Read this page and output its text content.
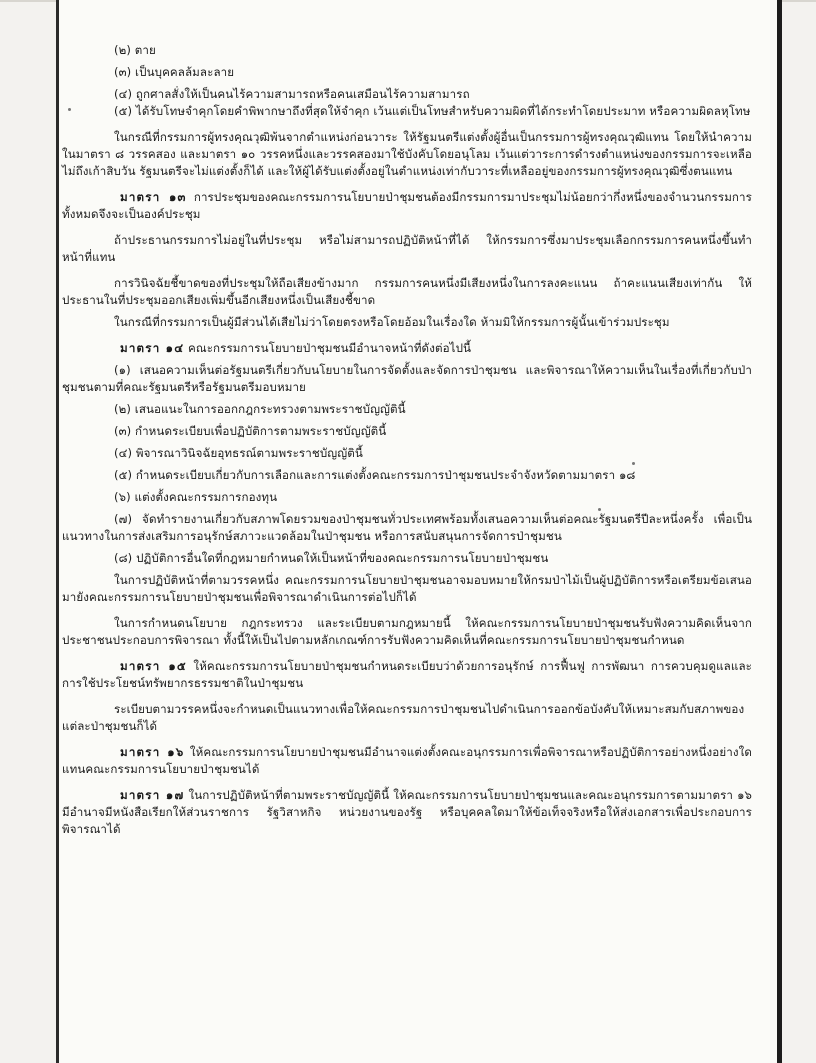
(๒) ตาย

(๓) เป็นบุคคลล้มละลาย

(๔) ถูกศาลสั่งให้เป็นคนไร้ความสามารถหรือคนเสมือนไร้ความสามารถ

(๕) ได้รับโทษจำคุกโดยคำพิพากษาถึงที่สุดให้จำคุก เว้นแต่เป็นโทษสำหรับความผิดที่ได้กระทำโดยประมาท หรือความผิดลหุโทษ

ในกรณีที่กรรมการผู้ทรงคุณวุฒิพ้นจากตำแหน่งก่อนวาระ ให้รัฐมนตรีแต่งตั้งผู้อื่นเป็นกรรมการผู้ทรงคุณวุฒิแทน โดยให้นำความในมาตรา ๘ วรรคสอง และมาตรา ๑๐ วรรคหนึ่งและวรรคสองมาใช้บังคับโดยอนุโลม เว้นแต่วาระการดำรงตำแหน่งของกรรมการจะเหลือไม่ถึงเก้าสิบวัน รัฐมนตรีจะไม่แต่งตั้งก็ได้ และให้ผู้ได้รับแต่งตั้งอยู่ในตำแหน่งเท่ากับวาระที่เหลืออยู่ของกรรมการผู้ทรงคุณวุฒิซึ่งตนแทน

มาตรา ๑๓ การประชุมของคณะกรรมการนโยบายป่าชุมชนต้องมีกรรมการมาประชุมไม่น้อยกว่ากึ่งหนึ่งของจำนวนกรรมการทั้งหมดจึงจะเป็นองค์ประชุม

ถ้าประธานกรรมการไม่อยู่ในที่ประชุม หรือไม่สามารถปฏิบัติหน้าที่ได้ ให้กรรมการซึ่งมาประชุมเลือกกรรมการคนหนึ่งขึ้นทำหน้าที่แทน

การวินิจฉัยชี้ขาดของที่ประชุมให้ถือเสียงข้างมาก กรรมการคนหนึ่งมีเสียงหนึ่งในการลงคะแนน ถ้าคะแนนเสียงเท่ากัน ให้ประธานในที่ประชุมออกเสียงเพิ่มขึ้นอีกเสียงหนึ่งเป็นเสียงชี้ขาด

ในกรณีที่กรรมการเป็นผู้มีส่วนได้เสียไม่ว่าโดยตรงหรือโดยอ้อมในเรื่องใด ห้ามมิให้กรรมการผู้นั้นเข้าร่วมประชุม

มาตรา ๑๔ คณะกรรมการนโยบายป่าชุมชนมีอำนาจหน้าที่ดังต่อไปนี้

(๑) เสนอความเห็นต่อรัฐมนตรีเกี่ยวกับนโยบายในการจัดตั้งและจัดการป่าชุมชน และพิจารณาให้ความเห็นในเรื่องที่เกี่ยวกับป่าชุมชนตามที่คณะรัฐมนตรีหรือรัฐมนตรีมอบหมาย

(๒) เสนอแนะในการออกกฎกระทรวงตามพระราชบัญญัตินี้

(๓) กำหนดระเบียบเพื่อปฏิบัติการตามพระราชบัญญัตินี้

(๔) พิจารณาวินิจฉัยอุทธรณ์ตามพระราชบัญญัตินี้

(๕) กำหนดระเบียบเกี่ยวกับการเลือกและการแต่งตั้งคณะกรรมการป่าชุมชนประจำจังหวัดตามมาตรา ๑๘

(๖) แต่งตั้งคณะกรรมการกองทุน

(๗) จัดทำรายงานเกี่ยวกับสภาพโดยรวมของป่าชุมชนทั่วประเทศพร้อมทั้งเสนอความเห็นต่อคณะรัฐมนตรีปีละหนึ่งครั้ง เพื่อเป็นแนวทางในการส่งเสริมการอนุรักษ์สภาวะแวดล้อมในป่าชุมชน หรือการสนับสนุนการจัดการป่าชุมชน

(๘) ปฏิบัติการอื่นใดที่กฎหมายกำหนดให้เป็นหน้าที่ของคณะกรรมการนโยบายป่าชุมชน

ในการปฏิบัติหน้าที่ตามวรรคหนึ่ง คณะกรรมการนโยบายป่าชุมชนอาจมอบหมายให้กรมป่าไม้เป็นผู้ปฏิบัติการหรือเตรียมข้อเสนอมายังคณะกรรมการนโยบายป่าชุมชนเพื่อพิจารณาดำเนินการต่อไปก็ได้

ในการกำหนดนโยบาย กฎกระทรวง และระเบียบตามกฎหมายนี้ ให้คณะกรรมการนโยบายป่าชุมชนรับฟังความคิดเห็นจากประชาชนประกอบการพิจารณา ทั้งนี้ให้เป็นไปตามหลักเกณฑ์การรับฟังความคิดเห็นที่คณะกรรมการนโยบายป่าชุมชนกำหนด

มาตรา ๑๕ ให้คณะกรรมการนโยบายป่าชุมชนกำหนดระเบียบว่าด้วยการอนุรักษ์ การฟื้นฟู การพัฒนา การควบคุมดูแลและการใช้ประโยชน์ทรัพยากรธรรมชาติในป่าชุมชน

ระเบียบตามวรรคหนึ่งจะกำหนดเป็นแนวทางเพื่อให้คณะกรรมการป่าชุมชนไปดำเนินการออกข้อบังคับให้เหมาะสมกับสภาพของแต่ละป่าชุมชนก็ได้

มาตรา ๑๖ ให้คณะกรรมการนโยบายป่าชุมชนมีอำนาจแต่งตั้งคณะอนุกรรมการเพื่อพิจารณาหรือปฏิบัติการอย่างหนึ่งอย่างใดแทนคณะกรรมการนโยบายป่าชุมชนได้

มาตรา ๑๗ ในการปฏิบัติหน้าที่ตามพระราชบัญญัตินี้ ให้คณะกรรมการนโยบายป่าชุมชนและคณะอนุกรรมการตามมาตรา ๑๖ มีอำนาจมีหนังสือเรียกให้ส่วนราชการ รัฐวิสาหกิจ หน่วยงานของรัฐ หรือบุคคลใดมาให้ข้อเท็จจริงหรือให้ส่งเอกสารเพื่อประกอบการพิจารณาได้
